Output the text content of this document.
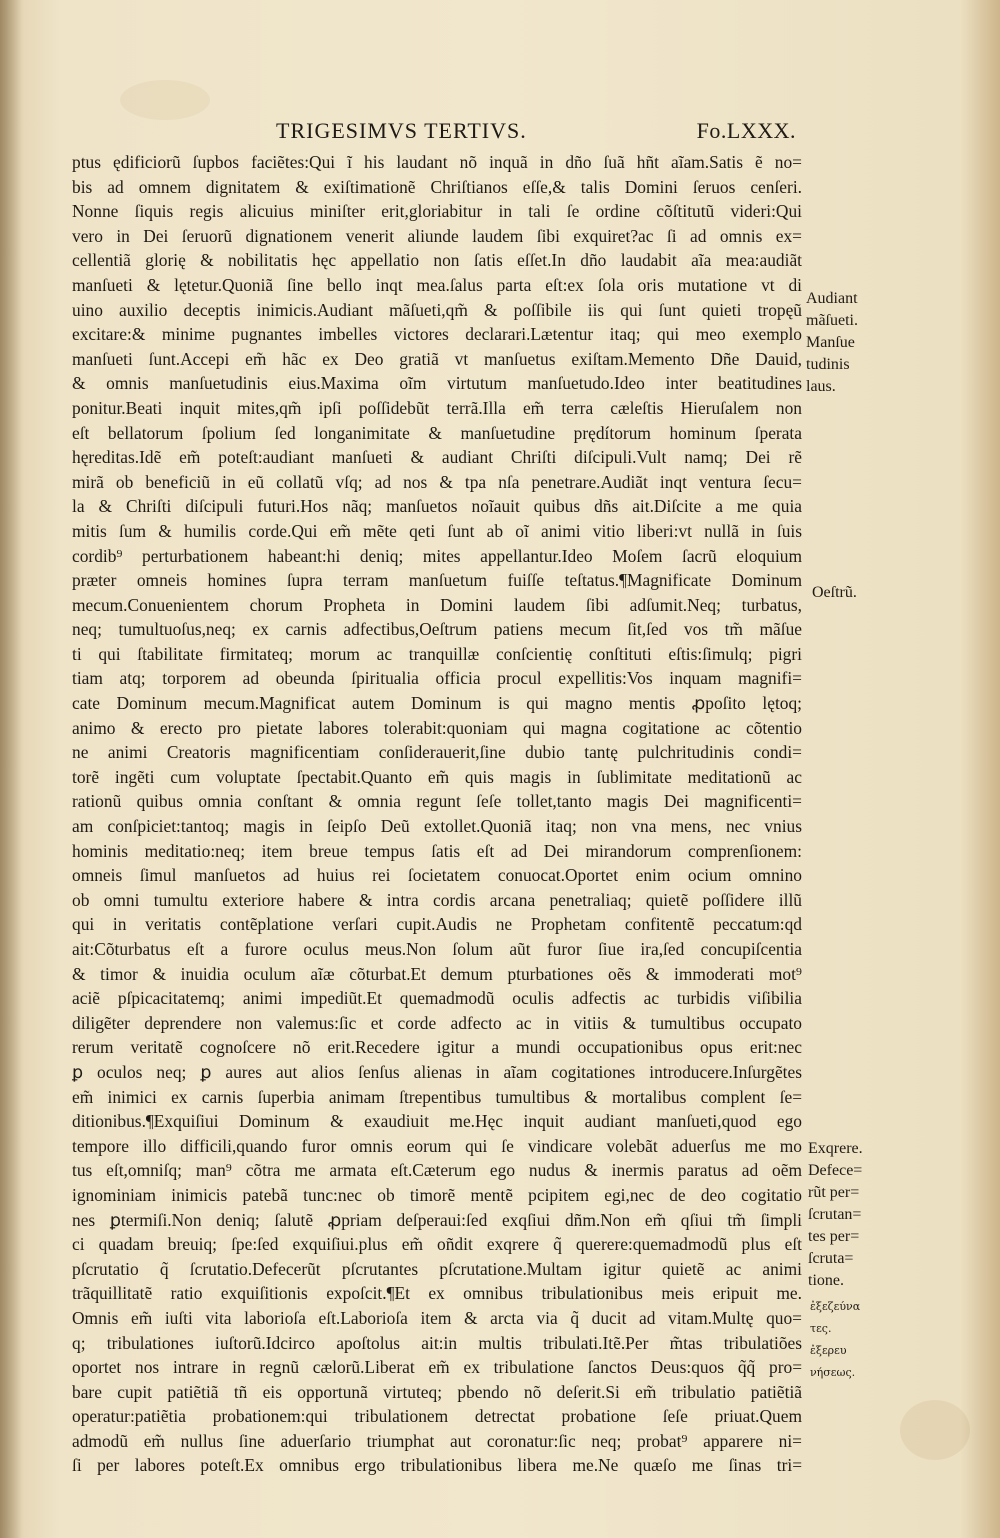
TRIGESIMVS TERTIVS.	Fo.LXXX.
ptus ędificiorũ ſupbos faciẽtes:Qui ĩ his laudant nõ inquã in dño ſuã hñt aĩam.Satis ẽ no=
bis ad omnem dignitatem & exiſtimationẽ Chriſtianos eſſe,& talis Domini ſeruos cenſeri.
Nonne ſiquis regis alicuius miniſter erit,gloriabitur in tali ſe ordine cõſtitutũ videri:Qui
vero in Dei ſeruorũ dignationem venerit aliunde laudem ſibi exquiret?ac ſi ad omnis ex=
cellentiã glorię & nobilitatis hęc appellatio non ſatis eſſet.In dño laudabit aĩa mea:audiãt
manſueti & lętetur.Quoniã ſine bello inqt mea.ſalus parta eſt:ex ſola oris mutatione vt di
uino auxilio deceptis inimicis.Audiant mãſueti,qm̃ & poſſibile iis qui ſunt quieti tropęũ
excitare:& minime pugnantes imbelles victores declarari.Lætentur itaq; qui meo exemplo
manſueti ſunt.Accepi em̃ hãc ex Deo gratiã vt manſuetus exiſtam.Memento Dñe Dauid,
& omnis manſuetudinis eius.Maxima oĩm virtutum manſuetudo.Ideo inter beatitudines
ponitur.Beati inquit mites,qm̃ ipſi poſſidebũt terrã.Illa em̃ terra cæleſtis Hieruſalem non
eſt bellatorum ſpolium ſed longanimitate & manſuetudine prędítorum hominum ſperata
hęreditas.Idẽ em̃ poteſt:audiant manſueti & audiant Chriſti diſcipuli.Vult namq; Dei rẽ
mirã ob beneficiũ in eũ collatũ vſq; ad nos & tpa nſa penetrare.Audiãt inqt ventura ſecu=
la & Chriſti diſcipuli futuri.Hos nãq; manſuetos noĩauit quibus dñs ait.Diſcite a me quia
mitis ſum & humilis corde.Qui em̃ mẽte qeti ſunt ab oĩ animi vitio liberi:vt nullã in ſuis
cordib⁹ perturbationem habeant:hi deniq; mites appellantur.Ideo Moſem ſacrũ eloquium
præter omneis homines ſupra terram manſuetum fuiſſe teſtatus.¶Magnificate Dominum
mecum.Conuenientem chorum Propheta in Domini laudem ſibi adſumit.Neq; turbatus,
neq; tumultuoſus,neq; ex carnis adfectibus,Oeſtrum patiens mecum ſit,ſed vos tm̃ mãſue
ti qui ſtabilitate firmitateq; morum ac tranquillæ conſcientię conſtituti eſtis:ſimulq; pigri
tiam atq; torporem ad obeunda ſpiritualia officia procul expellitis:Vos inquam magnifi=
cate Dominum mecum.Magnificat autem Dominum is qui magno mentis ꝓpoſito lętoq;
animo & erecto pro pietate labores tolerabit:quoniam qui magna cogitatione ac cõtentio
ne animi Creatoris magnificentiam conſiderauerit,ſine dubio tantę pulchritudinis condi=
torẽ ingẽti cum voluptate ſpectabit.Quanto em̃ quis magis in ſublimitate meditationũ ac
rationũ quibus omnia conſtant & omnia regunt ſeſe tollet,tanto magis Dei magnificenti=
am conſpiciet:tantoq; magis in ſeipſo Deũ extollet.Quoniã itaq; non vna mens, nec vnius
hominis meditatio:neq; item breue tempus ſatis eſt ad Dei mirandorum comprenſionem:
omneis ſimul manſuetos ad huius rei ſocietatem conuocat.Oportet enim ocium omnino
ob omni tumultu exteriore habere & intra cordis arcana penetraliaq; quietẽ poſſidere illũ
qui in veritatis contẽplatione verſari cupit.Audis ne Prophetam confitentẽ peccatum:qd
ait:Cõturbatus eſt a furore oculus meus.Non ſolum aũt furor ſiue ira,ſed concupiſcentia
& timor & inuidia oculum aĩæ cõturbat.Et demum pturbationes oẽs & immoderati mot⁹
aciẽ pſpicacitatemq; animi impediũt.Et quemadmodũ oculis adfectis ac turbidis viſibilia
diligẽter deprendere non valemus:ſic et corde adfecto ac in vitiis & tumultibus occupato
rerum veritatẽ cognoſcere nõ erit.Recedere igitur a mundi occupationibus opus erit:nec
ꝑ oculos neq; ꝑ aures aut alios ſenſus alienas in aĩam cogitationes introducere.Inſurgẽtes
em̃ inimici ex carnis ſuperbia animam ſtrepentibus tumultibus & mortalibus complent ſe=
ditionibus.¶Exquiſiui Dominum & exaudiuit me.Hęc inquit audiant manſueti,quod ego
tempore illo difficili,quando furor omnis eorum qui ſe vindicare volebãt aduerſus me mo
tus eſt,omniſq; man⁹ cõtra me armata eſt.Cæterum ego nudus & inermis paratus ad oẽm
ignominiam inimicis patebã tunc:nec ob timorẽ mentẽ pcipitem egi,nec de deo cogitatio
nes ꝑtermiſi.Non deniq; ſalutẽ ꝓpriam deſperaui:ſed exqſiui dñm.Non em̃ qſiui tm̃ ſimpli
ci quadam breuiq; ſpe:ſed exquiſiui.plus em̃ oñdit exqrere q̃ querere:quemadmodũ plus eſt
pſcrutatio q̃ ſcrutatio.Defecerũt pſcrutantes pſcrutatione.Multam igitur quietẽ ac animi
trãquillitatẽ ratio exquiſitionis expoſcit.¶Et ex omnibus tribulationibus meis eripuit me.
Omnis em̃ iuſti vita laborioſa eſt.Laborioſa item & arcta via q̃ ducit ad vitam.Multę quo=
q; tribulationes iuſtorũ.Idcirco apoſtolus ait:in multis tribulati.Itẽ.Per m̃tas tribulatiões
oportet nos intrare in regnũ cælorũ.Liberat em̃ ex tribulatione ſanctos Deus:quos q̃q̃ pro=
bare cupit patiẽtiã tñ eis opportunã virtuteq; pbendo nõ deſerit.Si em̃ tribulatio patiẽtiã
operatur:patiẽtia probationem:qui tribulationem detrectat probatione ſeſe priuat.Quem
admodũ em̃ nullus ſine aduerſario triumphat aut coronatur:ſic neq; probat⁹ apparere ni=
ſi per labores poteſt.Ex omnibus ergo tribulationibus libera me.Ne quæſo me ſinas tri=
Audiant
mãſueti.
Manſue
tudinis
laus.
Oeſtrũ.
Exqrere.
Defece=
rũt per=
ſcrutan=
tes per=
ſcruta=
tione.
ἐξεζεύνα
τες.
ἐξερευ
νήσεως.
